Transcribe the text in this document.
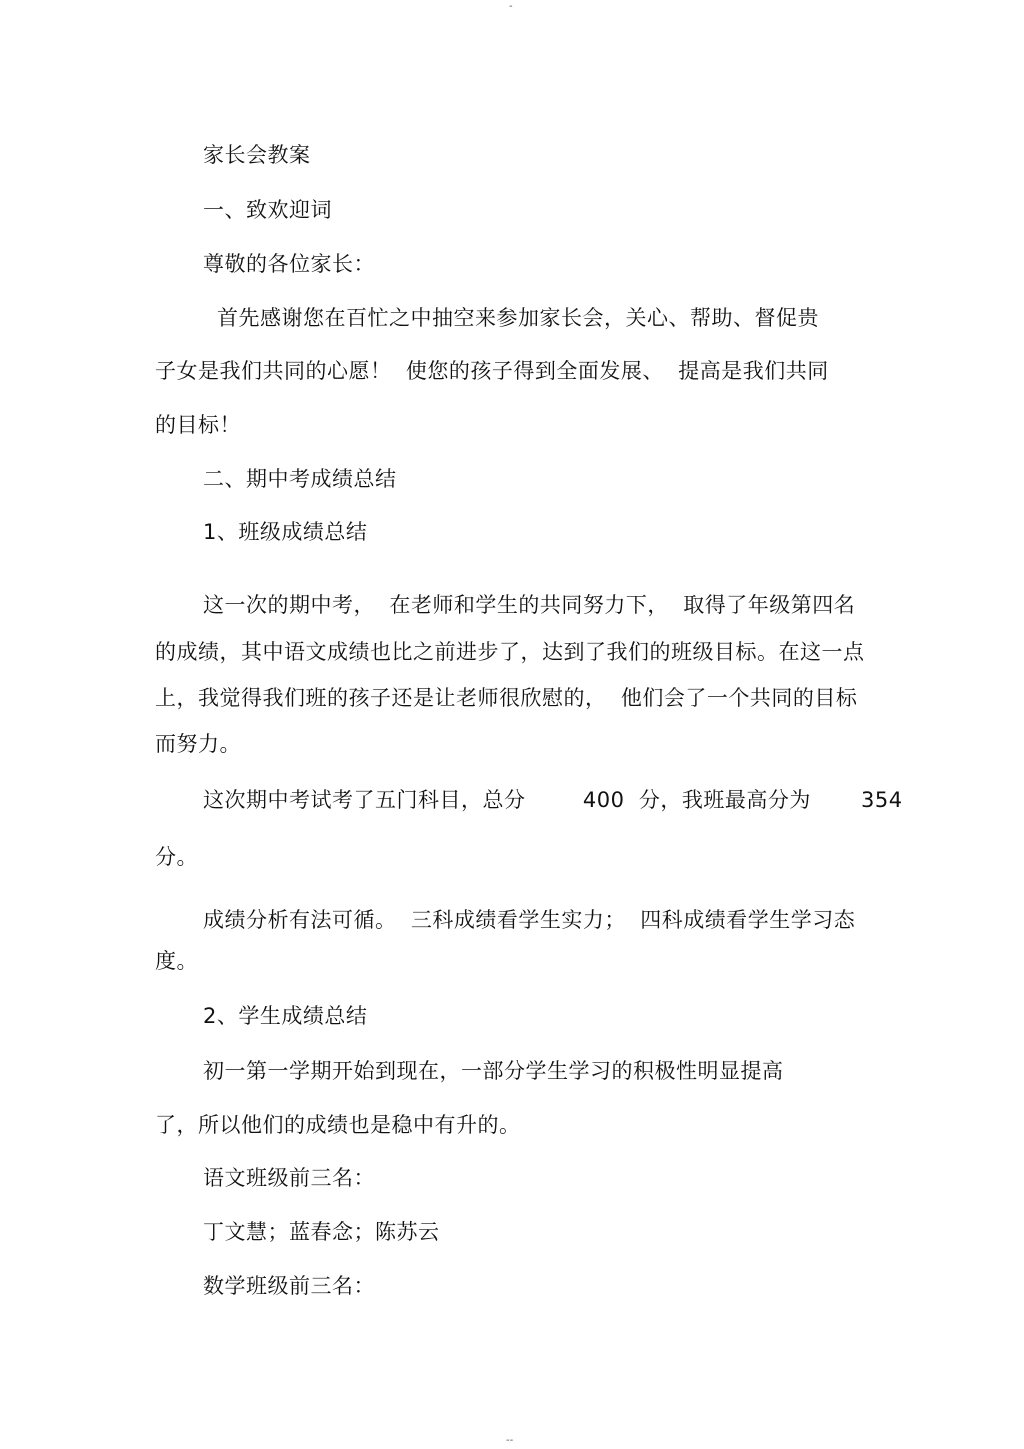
-

家长会教案

一、致欢迎词

尊敬的各位家长：

首先感谢您在百忙之中抽空来参加家长会，关心、帮助、督促贵

子女是我们共同的心愿！  使您的孩子得到全面发展、  提高是我们共同

的目标！

二、期中考成绩总结

1、班级成绩总结

这一次的期中考，  在老师和学生的共同努力下，  取得了年级第四名

的成绩，其中语文成绩也比之前进步了，达到了我们的班级目标。在这一点

上，我觉得我们班的孩子还是让老师很欣慰的，  他们会了一个共同的目标

而努力。

这次期中考试考了五门科目，总分        400  分，我班最高分为       354

分。

成绩分析有法可循。  三科成绩看学生实力；  四科成绩看学生学习态

度。

2、学生成绩总结

初一第一学期开始到现在，一部分学生学习的积极性明显提高

了，所以他们的成绩也是稳中有升的。

语文班级前三名：

丁文慧；蓝春念；陈苏云

数学班级前三名：

--
